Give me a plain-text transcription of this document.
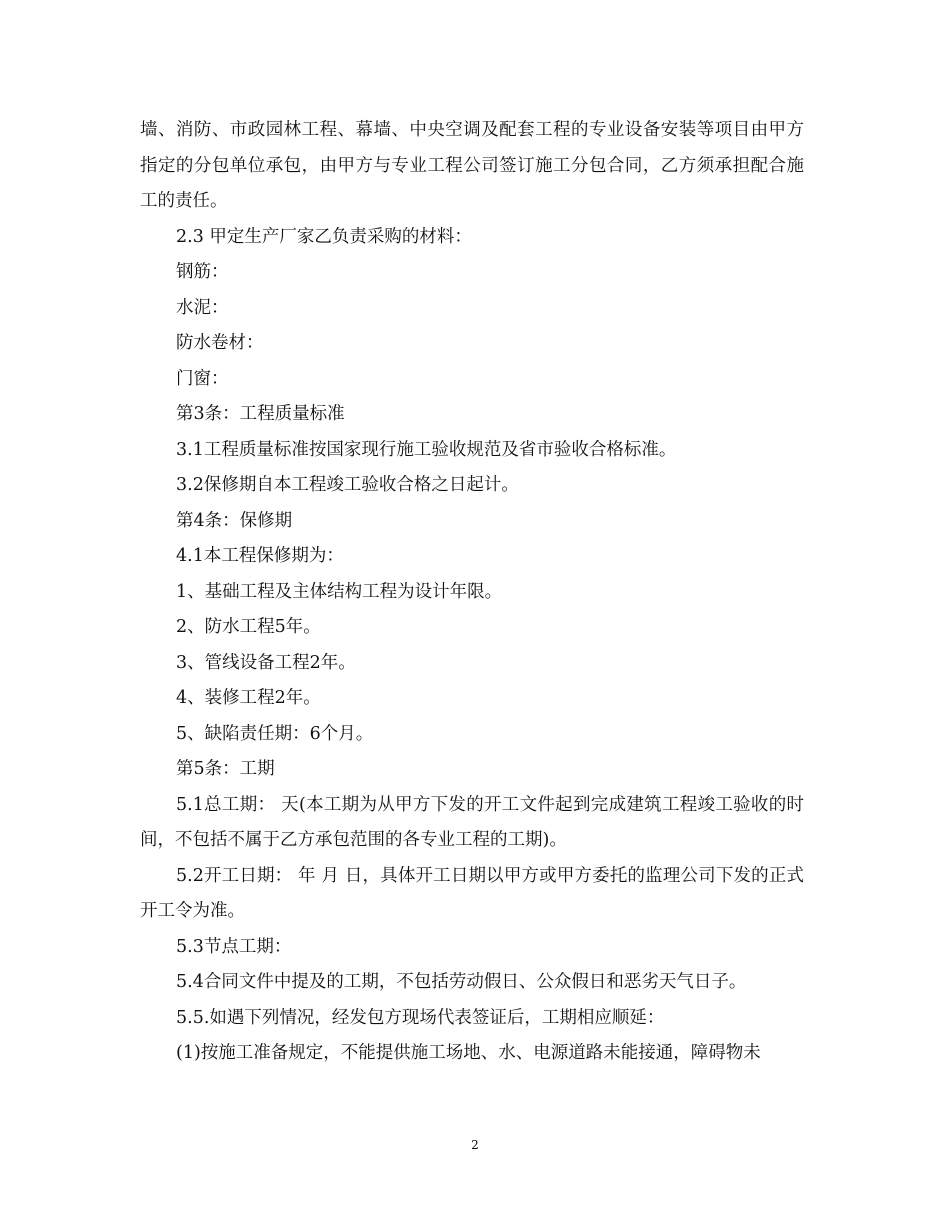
墙、消防、市政园林工程、幕墙、中央空调及配套工程的专业设备安装等项目由甲方指定的分包单位承包，由甲方与专业工程公司签订施工分包合同，乙方须承担配合施工的责任。

2.3 甲定生产厂家乙负责采购的材料：

钢筋：

水泥：

防水卷材：

门窗：

第3条：工程质量标准

3.1工程质量标准按国家现行施工验收规范及省市验收合格标准。

3.2保修期自本工程竣工验收合格之日起计。

第4条：保修期

4.1本工程保修期为：

1、基础工程及主体结构工程为设计年限。

2、防水工程5年。

3、管线设备工程2年。

4、装修工程2年。

5、缺陷责任期：6个月。

第5条：工期

5.1总工期： 天(本工期为从甲方下发的开工文件起到完成建筑工程竣工验收的时间，不包括不属于乙方承包范围的各专业工程的工期)。

5.2开工日期： 年 月 日，具体开工日期以甲方或甲方委托的监理公司下发的正式开工令为准。

5.3节点工期：

5.4合同文件中提及的工期，不包括劳动假日、公众假日和恶劣天气日子。

5.5.如遇下列情况，经发包方现场代表签证后，工期相应顺延：

(1)按施工准备规定，不能提供施工场地、水、电源道路未能接通，障碍物未

2
